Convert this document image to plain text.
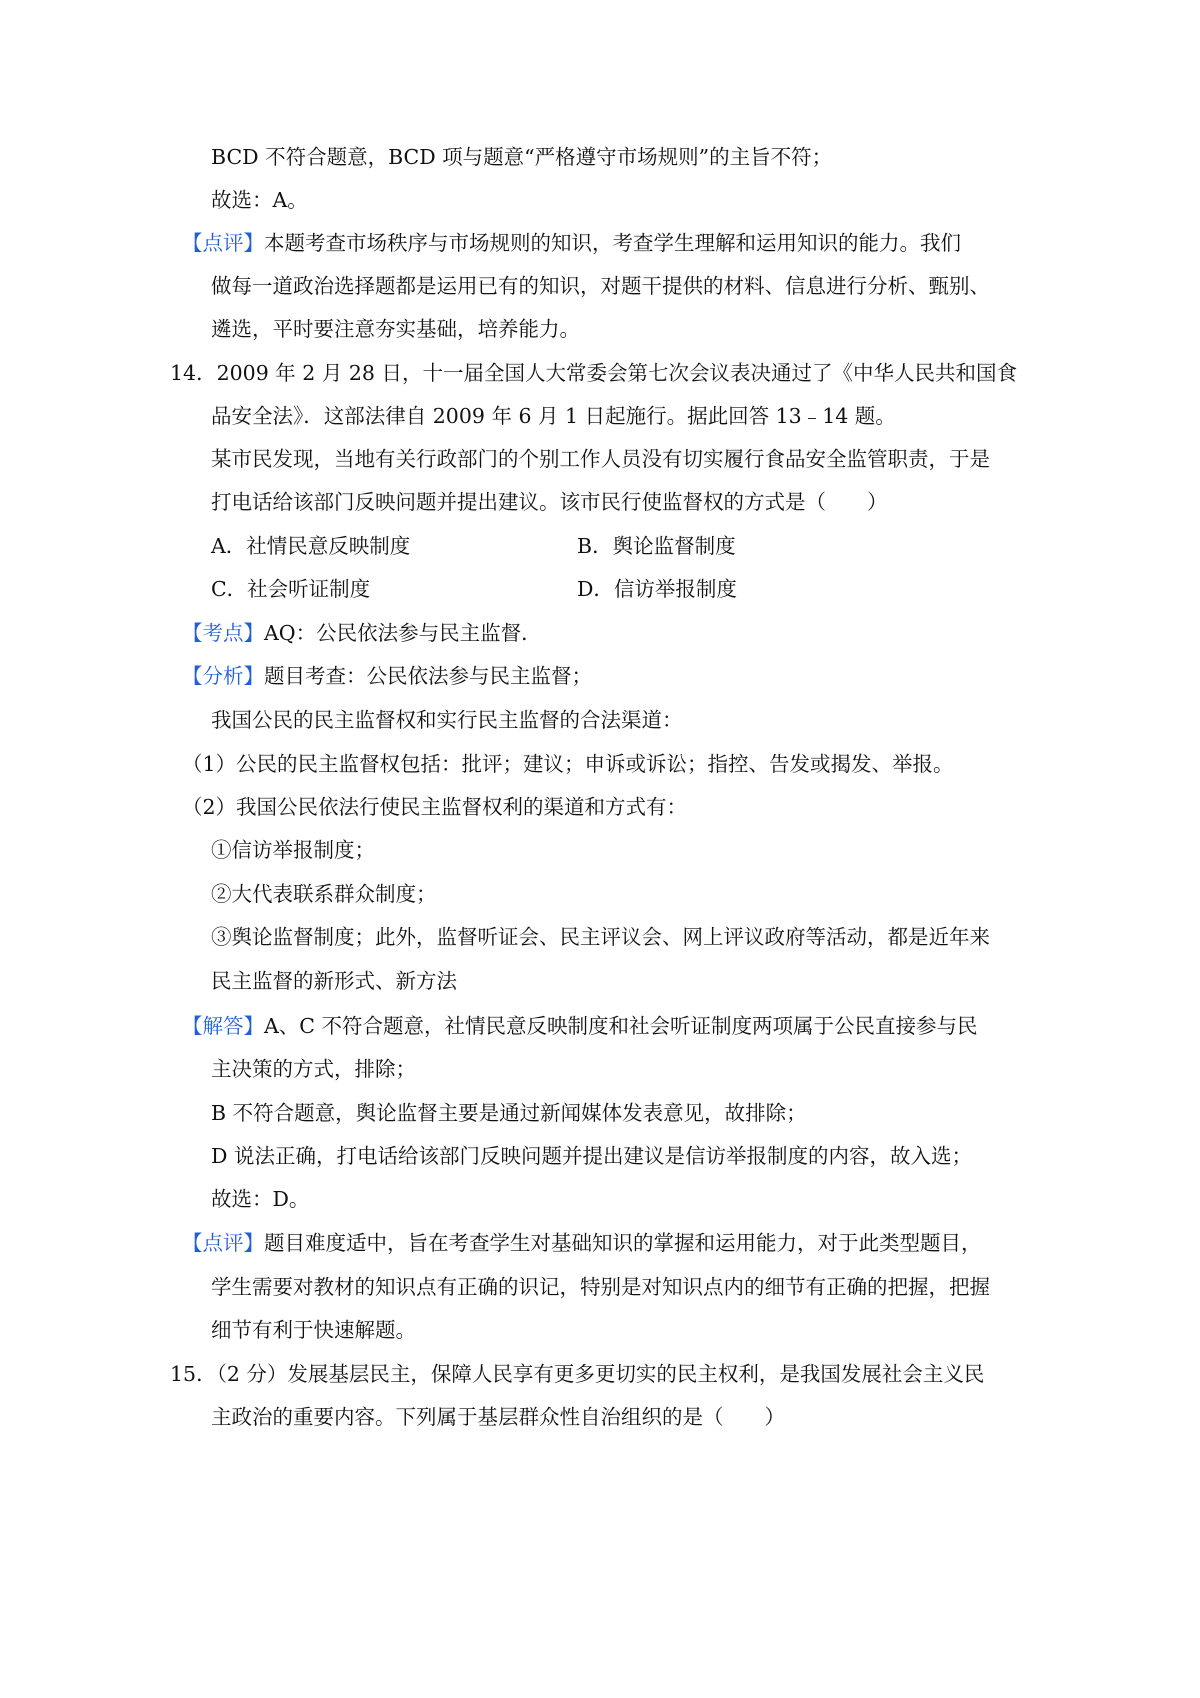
BCD 不符合题意，BCD 项与题意“严格遵守市场规则”的主旨不符；
故选：A。
【点评】本题考查市场秩序与市场规则的知识，考查学生理解和运用知识的能力。我们
做每一道政治选择题都是运用已有的知识，对题干提供的材料、信息进行分析、甄别、
遴选，平时要注意夯实基础，培养能力。
14．2009 年 2 月 28 日，十一届全国人大常委会第七次会议表决通过了《中华人民共和国食
品安全法》．这部法律自 2009 年 6 月 1 日起施行。据此回答 13﹣14 题。
某市民发现，当地有关行政部门的个别工作人员没有切实履行食品安全监管职责，于是
打电话给该部门反映问题并提出建议。该市民行使监督权的方式是（　　）
A．社情民意反映制度	B．舆论监督制度
C．社会听证制度	D．信访举报制度
【考点】AQ：公民依法参与民主监督．
【分析】题目考查：公民依法参与民主监督；
我国公民的民主监督权和实行民主监督的合法渠道：
（1）公民的民主监督权包括：批评；建议；申诉或诉讼；指控、告发或揭发、举报。
（2）我国公民依法行使民主监督权利的渠道和方式有：
①信访举报制度；
②大代表联系群众制度；
③舆论监督制度；此外，监督听证会、民主评议会、网上评议政府等活动，都是近年来
民主监督的新形式、新方法
【解答】A、C 不符合题意，社情民意反映制度和社会听证制度两项属于公民直接参与民
主决策的方式，排除；
B 不符合题意，舆论监督主要是通过新闻媒体发表意见，故排除；
D 说法正确，打电话给该部门反映问题并提出建议是信访举报制度的内容，故入选；
故选：D。
【点评】题目难度适中，旨在考查学生对基础知识的掌握和运用能力，对于此类型题目，
学生需要对教材的知识点有正确的识记，特别是对知识点内的细节有正确的把握，把握
细节有利于快速解题。
15．（2 分）发展基层民主，保障人民享有更多更切实的民主权利，是我国发展社会主义民
主政治的重要内容。下列属于基层群众性自治组织的是（　　）
